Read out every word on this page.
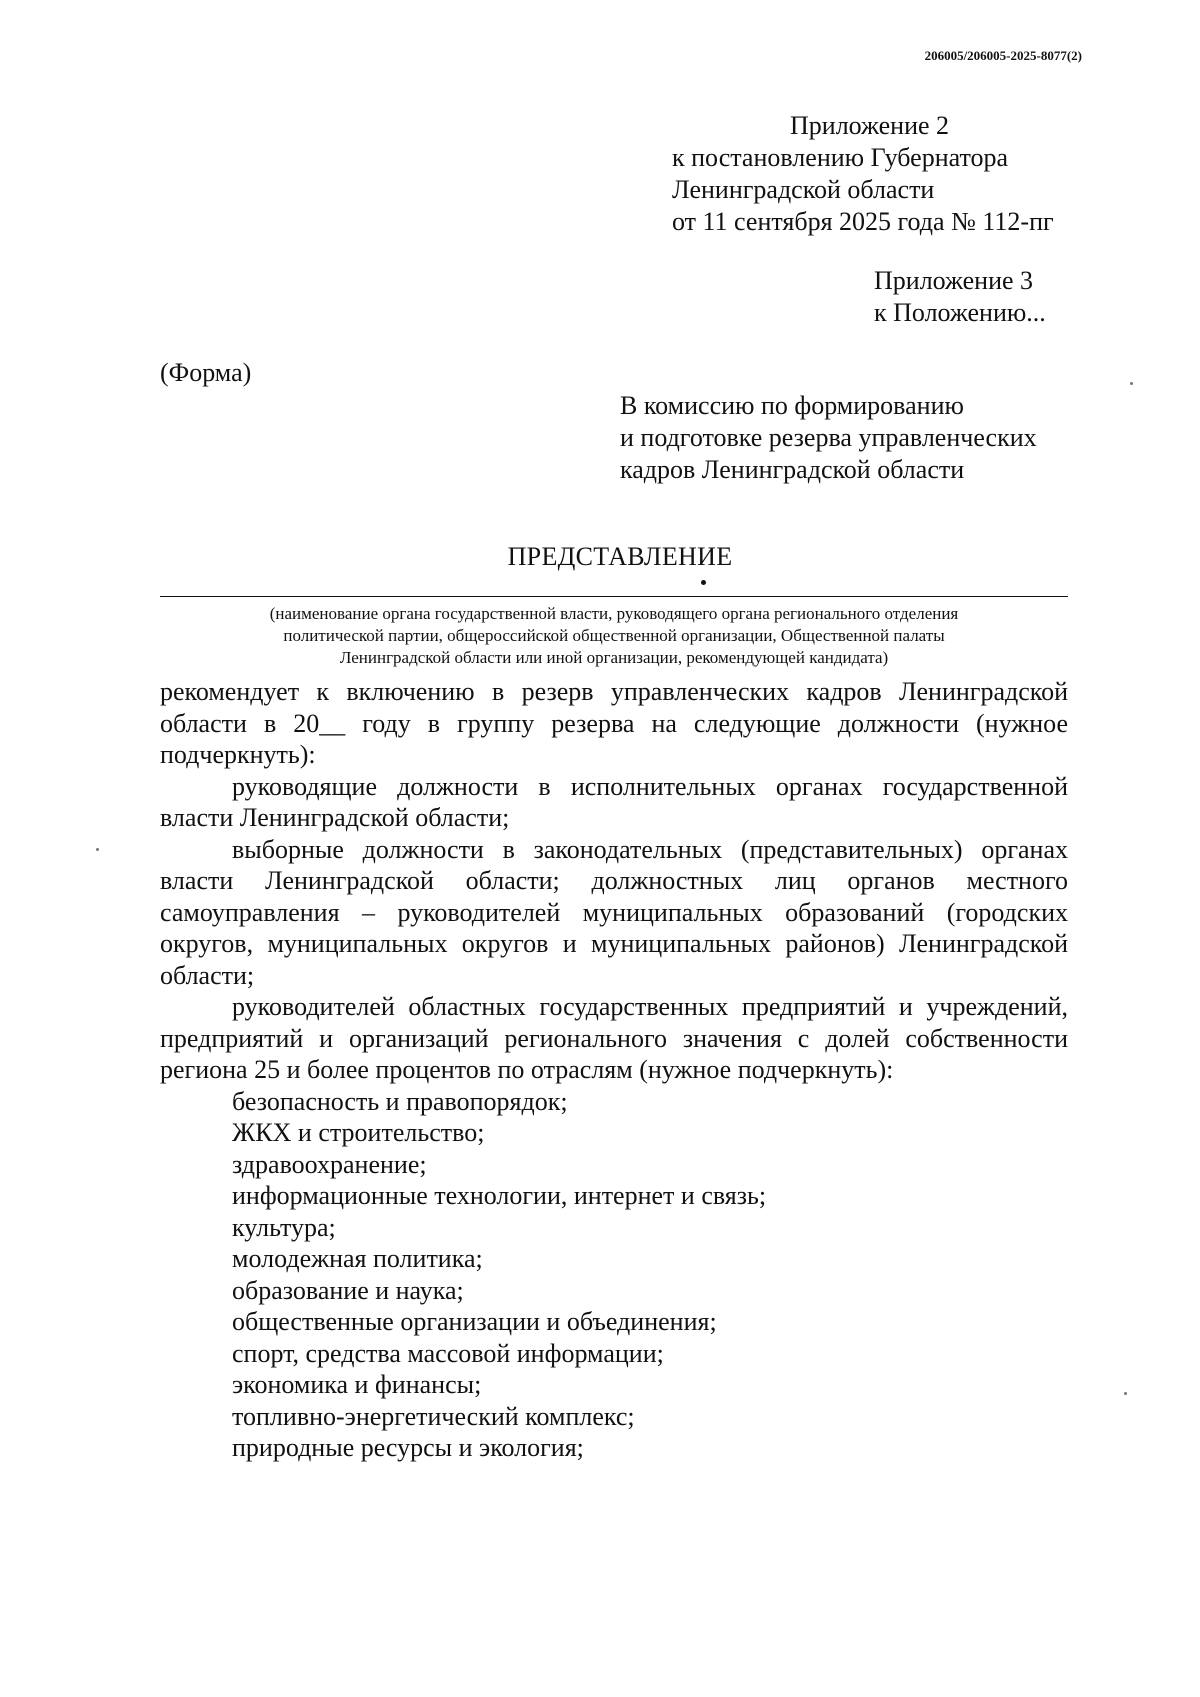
206005/206005-2025-8077(2)
Приложение 2
к постановлению Губернатора
Ленинградской области
от 11 сентября 2025 года № 112-пг
Приложение 3
к Положению...
(Форма)
В комиссию по формированию
и подготовке резерва управленческих
кадров Ленинградской области
ПРЕДСТАВЛЕНИЕ
(наименование органа государственной власти, руководящего органа регионального отделения
политической партии, общероссийской общественной организации, Общественной палаты
Ленинградской области или иной организации, рекомендующей кандидата)

рекомендует к включению в резерв управленческих кадров Ленинградской области в 20__ году в группу резерва на следующие должности (нужное подчеркнуть):

руководящие должности в исполнительных органах государственной власти Ленинградской области;

выборные должности в законодательных (представительных) органах власти Ленинградской области; должностных лиц органов местного самоуправления – руководителей муниципальных образований (городских округов, муниципальных округов и муниципальных районов) Ленинградской области;

руководителей областных государственных предприятий и учреждений, предприятий и организаций регионального значения с долей собственности региона 25 и более процентов по отраслям (нужное подчеркнуть):

безопасность и правопорядок;
ЖКХ и строительство;
здравоохранение;
информационные технологии, интернет и связь;
культура;
молодежная политика;
образование и наука;
общественные организации и объединения;
спорт, средства массовой информации;
экономика и финансы;
топливно-энергетический комплекс;
природные ресурсы и экология;
